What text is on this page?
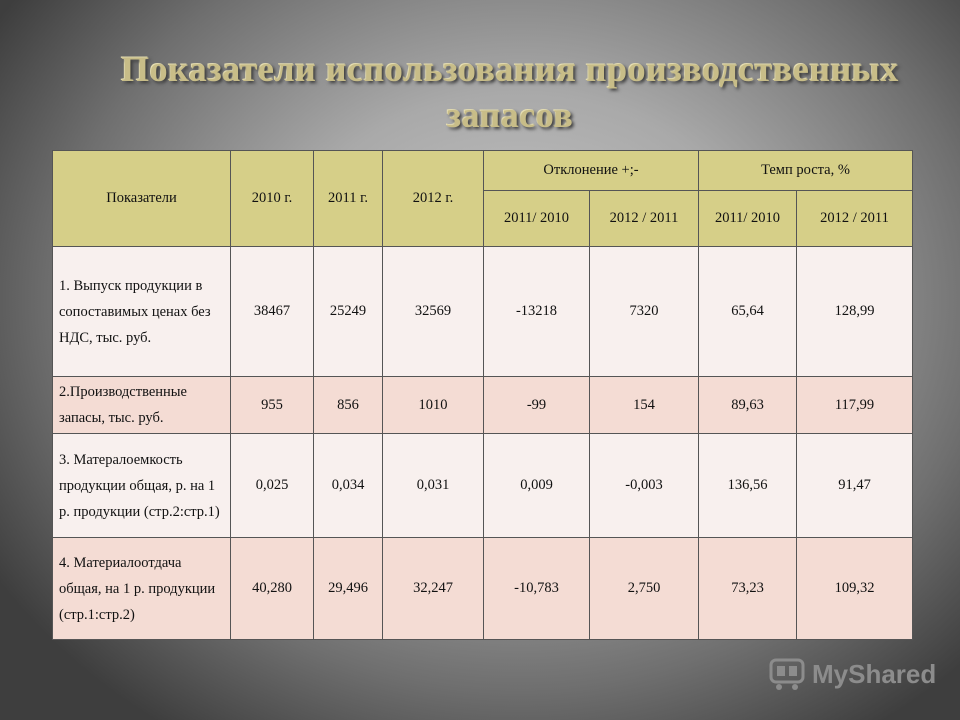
Показатели использования производственных
запасов
Показатели	2010 г.	2011 г.	2012 г.	Отклонение +;-		Темп роста, %	
				2011/ 2010	2012 / 2011	2011/ 2010	2012 / 2011
1. Выпуск продукции в сопоставимых ценах без НДС, тыс. руб.	38467	25249	32569	-13218	7320	65,64	128,99
2.Производственные запасы, тыс. руб.	955	856	1010	-99	154	89,63	117,99
3. Матералоемкость продукции общая, р. на 1 р. продукции (стр.2:стр.1)	0,025	0,034	0,031	0,009	-0,003	136,56	91,47
4. Материалоотдача общая, на 1 р. продукции (стр.1:стр.2)	40,280	29,496	32,247	-10,783	2,750	73,23	109,32
MyShared
